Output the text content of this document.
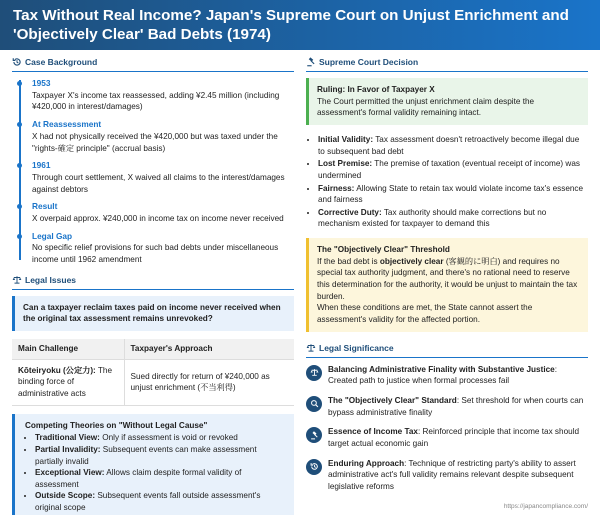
Tax Without Real Income? Japan's Supreme Court on Unjust Enrichment and 'Objectively Clear' Bad Debts (1974)
Case Background
1953
Taxpayer X's income tax reassessed, adding ¥2.45 million (including ¥420,000 in interest/damages)
At Reassessment
X had not physically received the ¥420,000 but was taxed under the "rights-確定 principle" (accrual basis)
1961
Through court settlement, X waived all claims to the interest/damages against debtors
Result
X overpaid approx. ¥240,000 in income tax on income never received
Legal Gap
No specific relief provisions for such bad debts under miscellaneous income until 1962 amendment
Legal Issues
Can a taxpayer reclaim taxes paid on income never received when the original tax assessment remains unrevoked?
Main Challenge	Taxpayer's Approach
Kōteiryoku (公定力): The binding force of administrative acts	Sued directly for return of ¥240,000 as unjust enrichment (不当利得)
Competing Theories on "Without Legal Cause"
• Traditional View: Only if assessment is void or revoked
• Partial Invalidity: Subsequent events can make assessment partially invalid
• Exceptional View: Allows claim despite formal validity of assessment
• Outside Scope: Subsequent events fall outside assessment's original scope
Supreme Court Decision
Ruling: In Favor of Taxpayer X
The Court permitted the unjust enrichment claim despite the assessment's formal validity remaining intact.
• Initial Validity: Tax assessment doesn't retroactively become illegal due to subsequent bad debt
• Lost Premise: The premise of taxation (eventual receipt of income) was undermined
• Fairness: Allowing State to retain tax would violate income tax's essence and fairness
• Corrective Duty: Tax authority should make corrections but no mechanism existed for taxpayer to demand this
The "Objectively Clear" Threshold
If the bad debt is objectively clear (客観的に明白) and requires no special tax authority judgment, and there's no rational need to reserve this determination for the authority, it would be unjust to maintain the tax burden.
When these conditions are met, the State cannot assert the assessment's validity for the affected portion.
Legal Significance
Balancing Administrative Finality with Substantive Justice: Created path to justice when formal processes fail
The "Objectively Clear" Standard: Set threshold for when courts can bypass administrative finality
Essence of Income Tax: Reinforced principle that income tax should target actual economic gain
Enduring Approach: Technique of restricting party's ability to assert administrative act's full validity remains relevant despite subsequent legislative reforms
https://japancompliance.com/
